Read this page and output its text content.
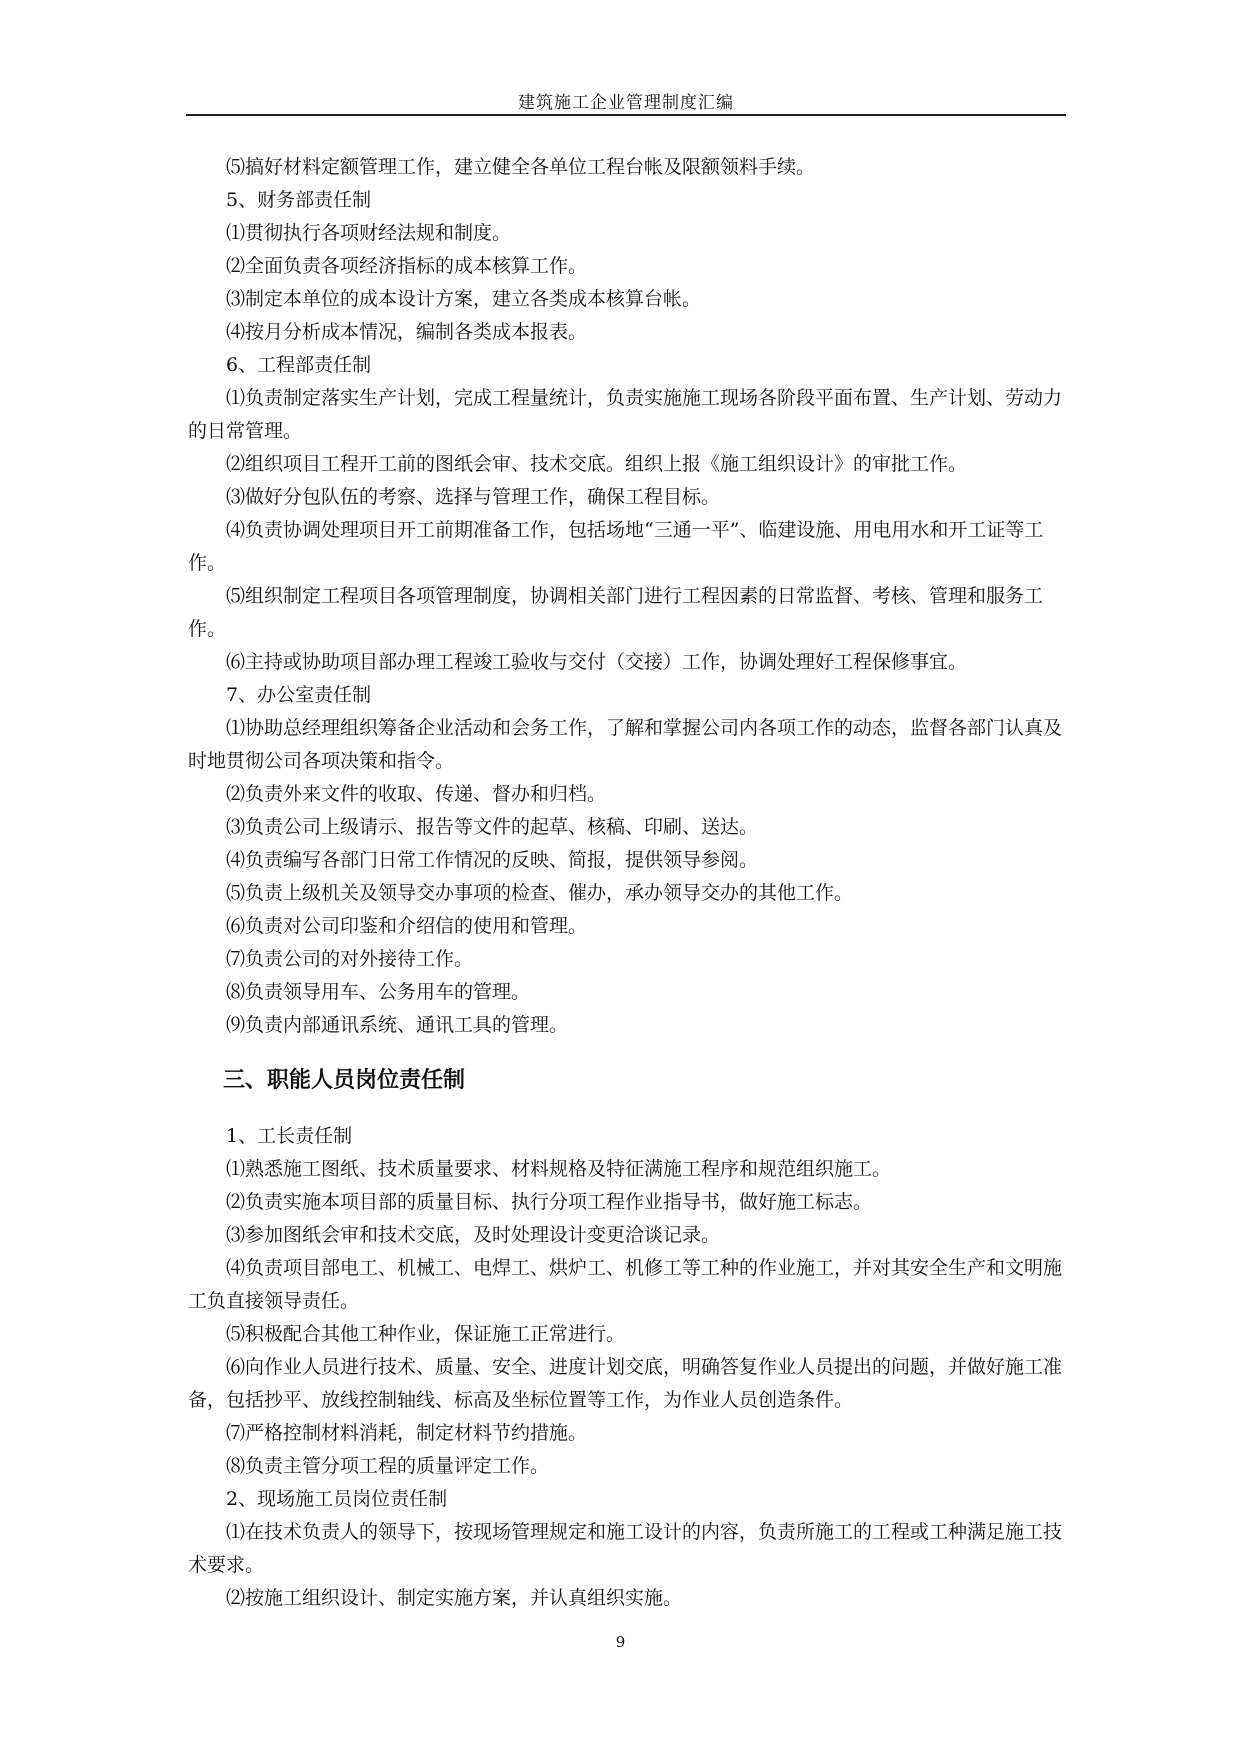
建筑施工企业管理制度汇编

⑸搞好材料定额管理工作，建立健全各单位工程台帐及限额领料手续。

5、财务部责任制

⑴贯彻执行各项财经法规和制度。

⑵全面负责各项经济指标的成本核算工作。

⑶制定本单位的成本设计方案，建立各类成本核算台帐。

⑷按月分析成本情况，编制各类成本报表。

6、工程部责任制

⑴负责制定落实生产计划，完成工程量统计，负责实施施工现场各阶段平面布置、生产计划、劳动力的日常管理。

⑵组织项目工程开工前的图纸会审、技术交底。组织上报《施工组织设计》的审批工作。

⑶做好分包队伍的考察、选择与管理工作，确保工程目标。

⑷负责协调处理项目开工前期准备工作，包括场地“三通一平”、临建设施、用电用水和开工证等工作。

⑸组织制定工程项目各项管理制度，协调相关部门进行工程因素的日常监督、考核、管理和服务工作。

⑹主持或协助项目部办理工程竣工验收与交付（交接）工作，协调处理好工程保修事宜。

7、办公室责任制

⑴协助总经理组织筹备企业活动和会务工作，了解和掌握公司内各项工作的动态，监督各部门认真及时地贯彻公司各项决策和指令。

⑵负责外来文件的收取、传递、督办和归档。

⑶负责公司上级请示、报告等文件的起草、核稿、印刷、送达。

⑷负责编写各部门日常工作情况的反映、简报，提供领导参阅。

⑸负责上级机关及领导交办事项的检查、催办，承办领导交办的其他工作。

⑹负责对公司印鉴和介绍信的使用和管理。

⑺负责公司的对外接待工作。

⑻负责领导用车、公务用车的管理。

⑼负责内部通讯系统、通讯工具的管理。

三、职能人员岗位责任制

1、工长责任制

⑴熟悉施工图纸、技术质量要求、材料规格及特征满施工程序和规范组织施工。

⑵负责实施本项目部的质量目标、执行分项工程作业指导书，做好施工标志。

⑶参加图纸会审和技术交底，及时处理设计变更洽谈记录。

⑷负责项目部电工、机械工、电焊工、烘炉工、机修工等工种的作业施工，并对其安全生产和文明施工负直接领导责任。

⑸积极配合其他工种作业，保证施工正常进行。

⑹向作业人员进行技术、质量、安全、进度计划交底，明确答复作业人员提出的问题，并做好施工准备，包括抄平、放线控制轴线、标高及坐标位置等工作，为作业人员创造条件。

⑺严格控制材料消耗，制定材料节约措施。

⑻负责主管分项工程的质量评定工作。

2、现场施工员岗位责任制

⑴在技术负责人的领导下，按现场管理规定和施工设计的内容，负责所施工的工程或工种满足施工技术要求。

⑵按施工组织设计、制定实施方案，并认真组织实施。

9
